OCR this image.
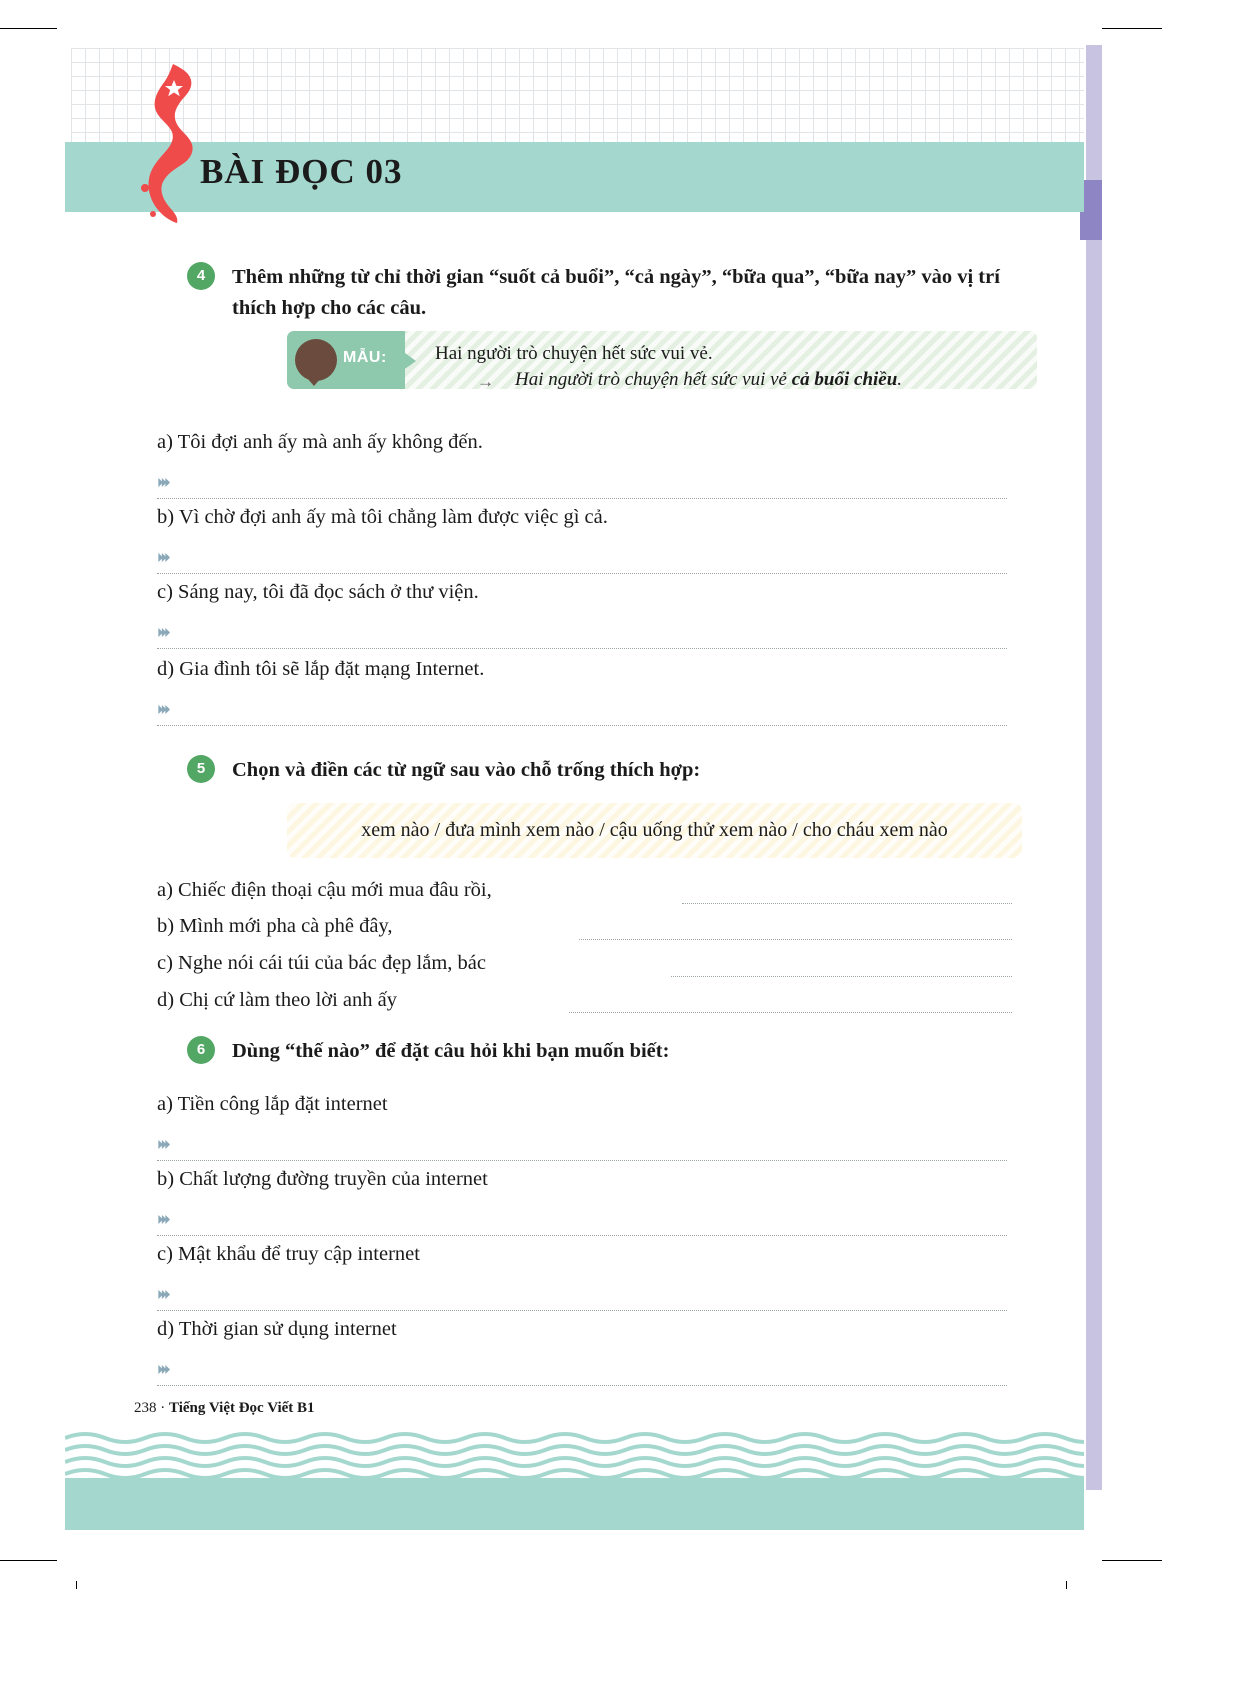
BÀI ĐỌC 03
4	Thêm những từ chỉ thời gian “suốt cả buổi”, “cả ngày”, “bữa qua”, “bữa nay” vào vị trí thích hợp cho các câu.
MẪU:	Hai người trò chuyện hết sức vui vẻ.
→ Hai người trò chuyện hết sức vui vẻ cả buổi chiều.
a) Tôi đợi anh ấy mà anh ấy không đến.
⏵⏵⏵
b) Vì chờ đợi anh ấy mà tôi chẳng làm được việc gì cả.
⏵⏵⏵
c) Sáng nay, tôi đã đọc sách ở thư viện.
⏵⏵⏵
d) Gia đình tôi sẽ lắp đặt mạng Internet.
⏵⏵⏵
5	Chọn và điền các từ ngữ sau vào chỗ trống thích hợp:
xem nào / đưa mình xem nào / cậu uống thử xem nào / cho cháu xem nào
a) Chiếc điện thoại cậu mới mua đâu rồi,
b) Mình mới pha cà phê đây,
c) Nghe nói cái túi của bác đẹp lắm, bác
d) Chị cứ làm theo lời anh ấy
6	Dùng “thế nào” để đặt câu hỏi khi bạn muốn biết:
a) Tiền công lắp đặt internet
⏵⏵⏵
b) Chất lượng đường truyền của internet
⏵⏵⏵
c) Mật khẩu để truy cập internet
⏵⏵⏵
d) Thời gian sử dụng internet
⏵⏵⏵
238 · Tiếng Việt Đọc Viết B1
